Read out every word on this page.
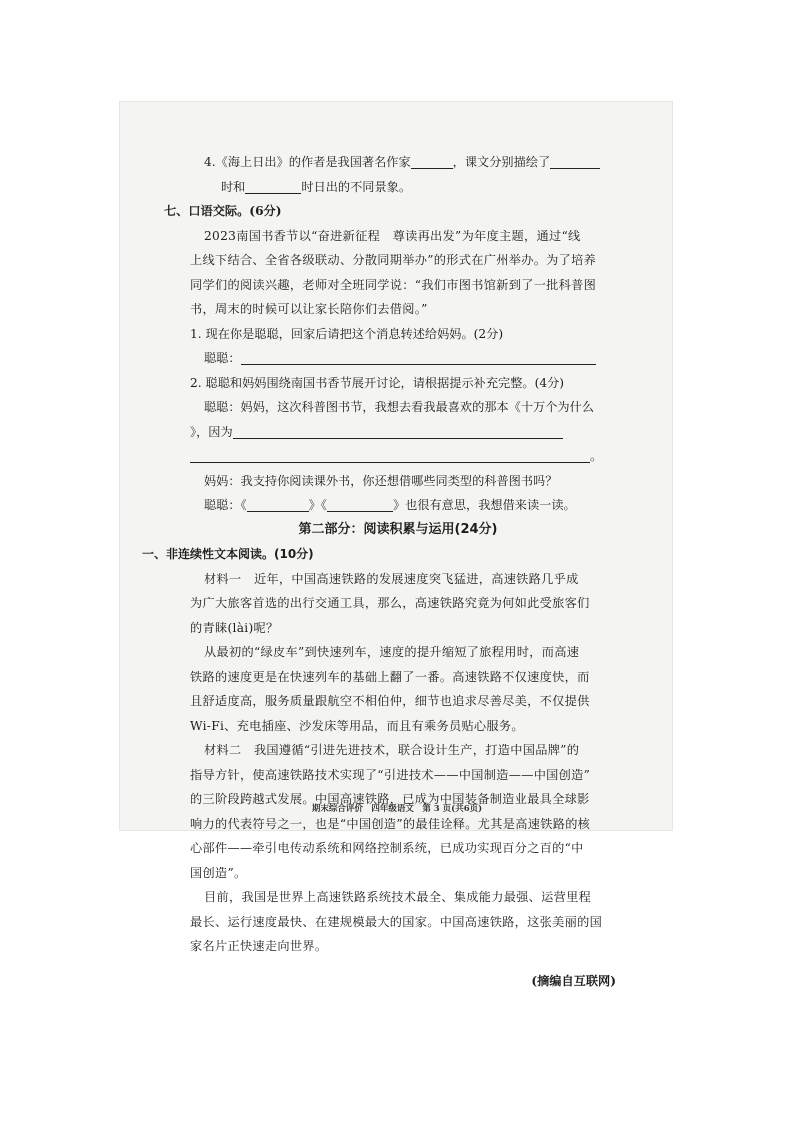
4.《海上日出》的作者是我国著名作家	，课文分别描绘了
时和	时日出的不同景象。
七、口语交际。(6分)
2023南国书香节以“奋进新征程　尊读再出发”为年度主题，通过“线
上线下结合、全省各级联动、分散同期举办”的形式在广州举办。为了培养
同学们的阅读兴趣，老师对全班同学说：“我们市图书馆新到了一批科普图
书，周末的时候可以让家长陪你们去借阅。”
1. 现在你是聪聪，回家后请把这个消息转述给妈妈。(2分)
聪聪：
2. 聪聪和妈妈围绕南国书香节展开讨论，请根据提示补充完整。(4分)
聪聪：妈妈，这次科普图书节，我想去看我最喜欢的那本《十万个为什么
》，因为
。
妈妈：我支持你阅读课外书，你还想借哪些同类型的科普图书吗？
聪聪：《	》《	》也很有意思，我想借来读一读。
第二部分：阅读积累与运用(24分)
一、非连续性文本阅读。(10分)
材料一　近年，中国高速铁路的发展速度突飞猛进，高速铁路几乎成
为广大旅客首选的出行交通工具，那么，高速铁路究竟为何如此受旅客们
的青睐(lài)呢？
从最初的“绿皮车”到快速列车，速度的提升缩短了旅程用时，而高速
铁路的速度更是在快速列车的基础上翻了一番。高速铁路不仅速度快，而
且舒适度高，服务质量跟航空不相伯仲，细节也追求尽善尽美，不仅提供
Wi-Fi、充电插座、沙发床等用品，而且有乘务员贴心服务。
材料二　我国遵循“引进先进技术，联合设计生产，打造中国品牌”的
指导方针，使高速铁路技术实现了“引进技术——中国制造——中国创造”
的三阶段跨越式发展。中国高速铁路，已成为中国装备制造业最具全球影
响力的代表符号之一，也是“中国创造”的最佳诠释。尤其是高速铁路的核
心部件——牵引电传动系统和网络控制系统，已成功实现百分之百的“中
国创造”。
目前，我国是世界上高速铁路系统技术最全、集成能力最强、运营里程
最长、运行速度最快、在建规模最大的国家。中国高速铁路，这张美丽的国
家名片正快速走向世界。
(摘编自互联网)
期末综合评价　四年级语文　第 3 页(共6页)
